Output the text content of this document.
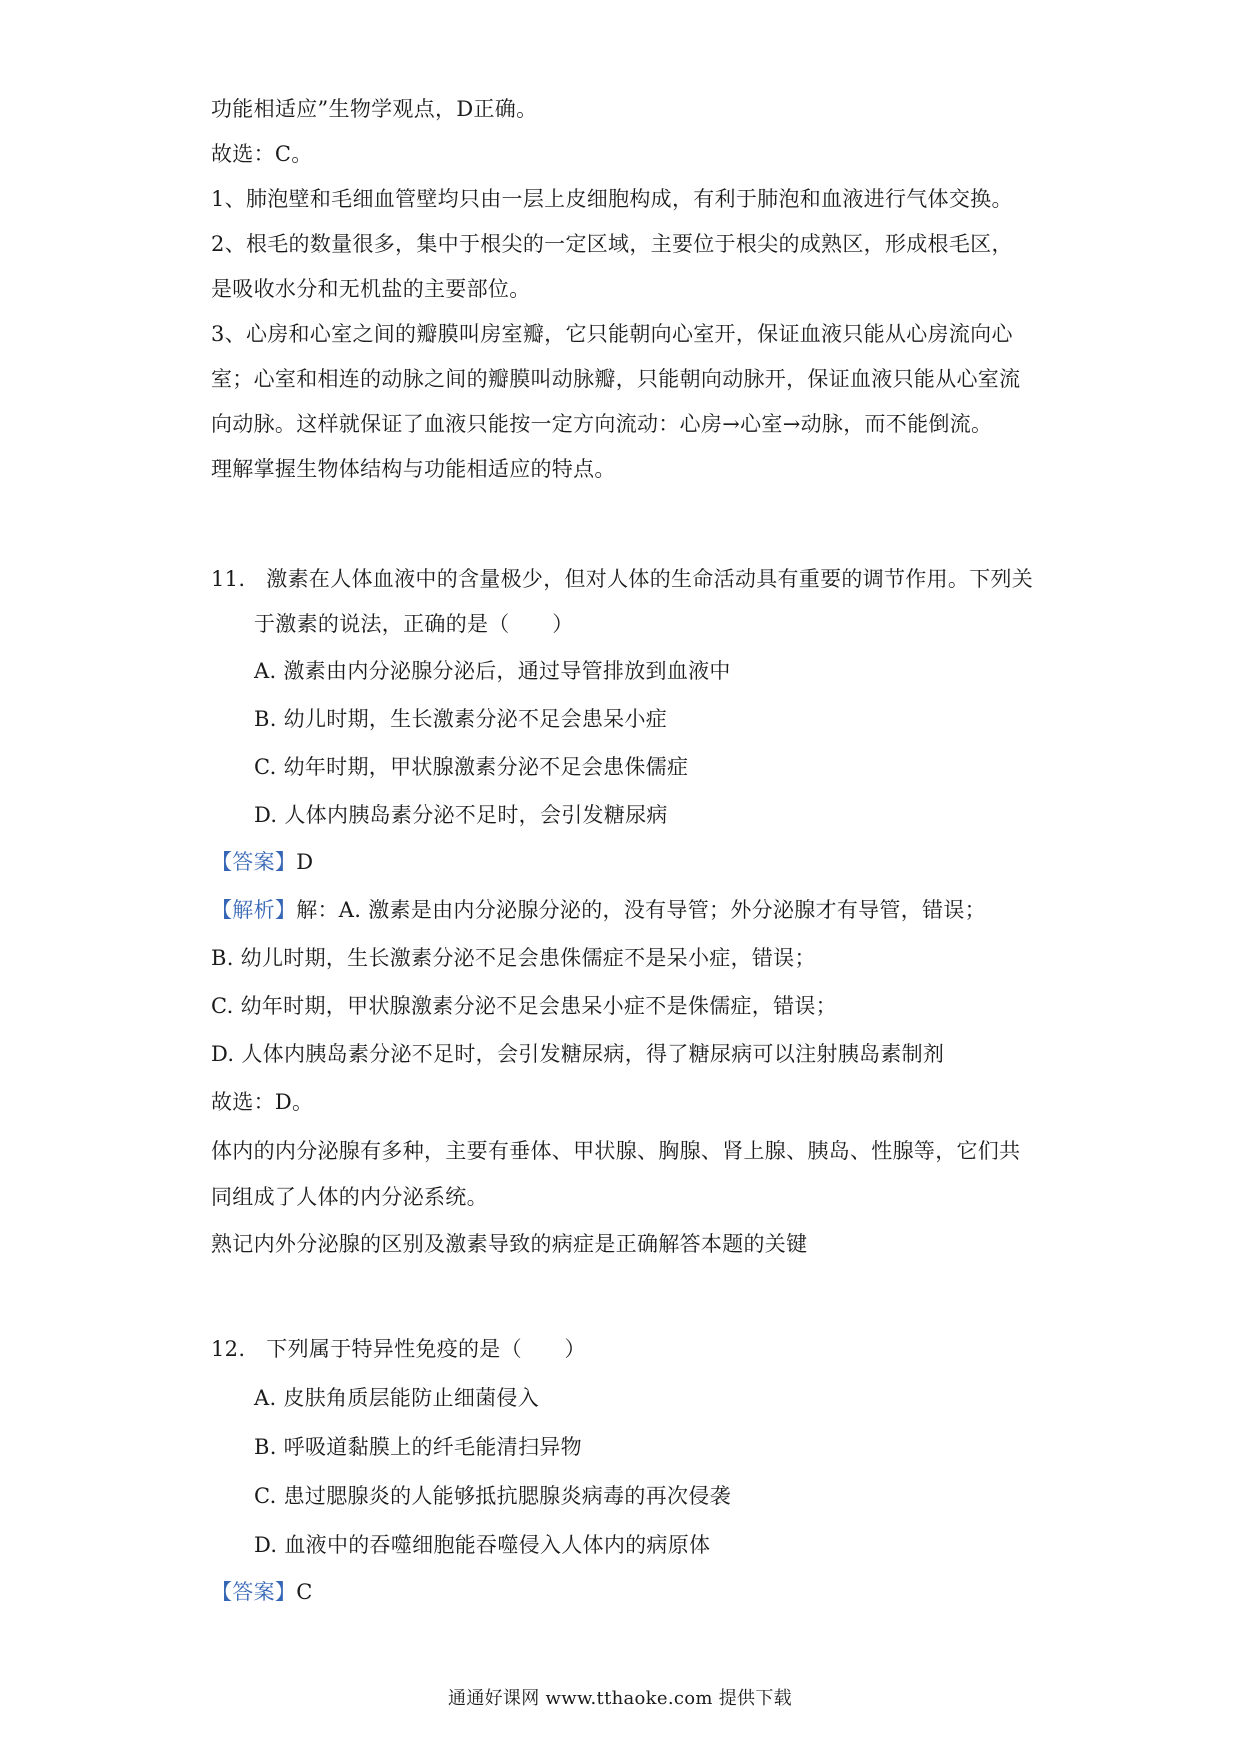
功能相适应”生物学观点，D正确。
故选：C。
1、肺泡壁和毛细血管壁均只由一层上皮细胞构成，有利于肺泡和血液进行气体交换。
2、根毛的数量很多，集中于根尖的一定区域，主要位于根尖的成熟区，形成根毛区，
是吸收水分和无机盐的主要部位。
3、心房和心室之间的瓣膜叫房室瓣，它只能朝向心室开，保证血液只能从心房流向心
室；心室和相连的动脉之间的瓣膜叫动脉瓣，只能朝向动脉开，保证血液只能从心室流
向动脉。这样就保证了血液只能按一定方向流动：心房→心室→动脉，而不能倒流。
理解掌握生物体结构与功能相适应的特点。
11. 激素在人体血液中的含量极少，但对人体的生命活动具有重要的调节作用。下列关
于激素的说法，正确的是（　　）
A. 激素由内分泌腺分泌后，通过导管排放到血液中
B. 幼儿时期，生长激素分泌不足会患呆小症
C. 幼年时期，甲状腺激素分泌不足会患侏儒症
D. 人体内胰岛素分泌不足时，会引发糖尿病
【答案】D
【解析】解：A. 激素是由内分泌腺分泌的，没有导管；外分泌腺才有导管，错误；
B. 幼儿时期，生长激素分泌不足会患侏儒症不是呆小症，错误；
C. 幼年时期，甲状腺激素分泌不足会患呆小症不是侏儒症，错误；
D. 人体内胰岛素分泌不足时，会引发糖尿病，得了糖尿病可以注射胰岛素制剂
故选：D。
体内的内分泌腺有多种，主要有垂体、甲状腺、胸腺、肾上腺、胰岛、性腺等，它们共
同组成了人体的内分泌系统。
熟记内外分泌腺的区别及激素导致的病症是正确解答本题的关键
12. 下列属于特异性免疫的是（　　）
A. 皮肤角质层能防止细菌侵入
B. 呼吸道黏膜上的纤毛能清扫异物
C. 患过腮腺炎的人能够抵抗腮腺炎病毒的再次侵袭
D. 血液中的吞噬细胞能吞噬侵入人体内的病原体
【答案】C
通通好课网 www.tthaoke.com 提供下载
